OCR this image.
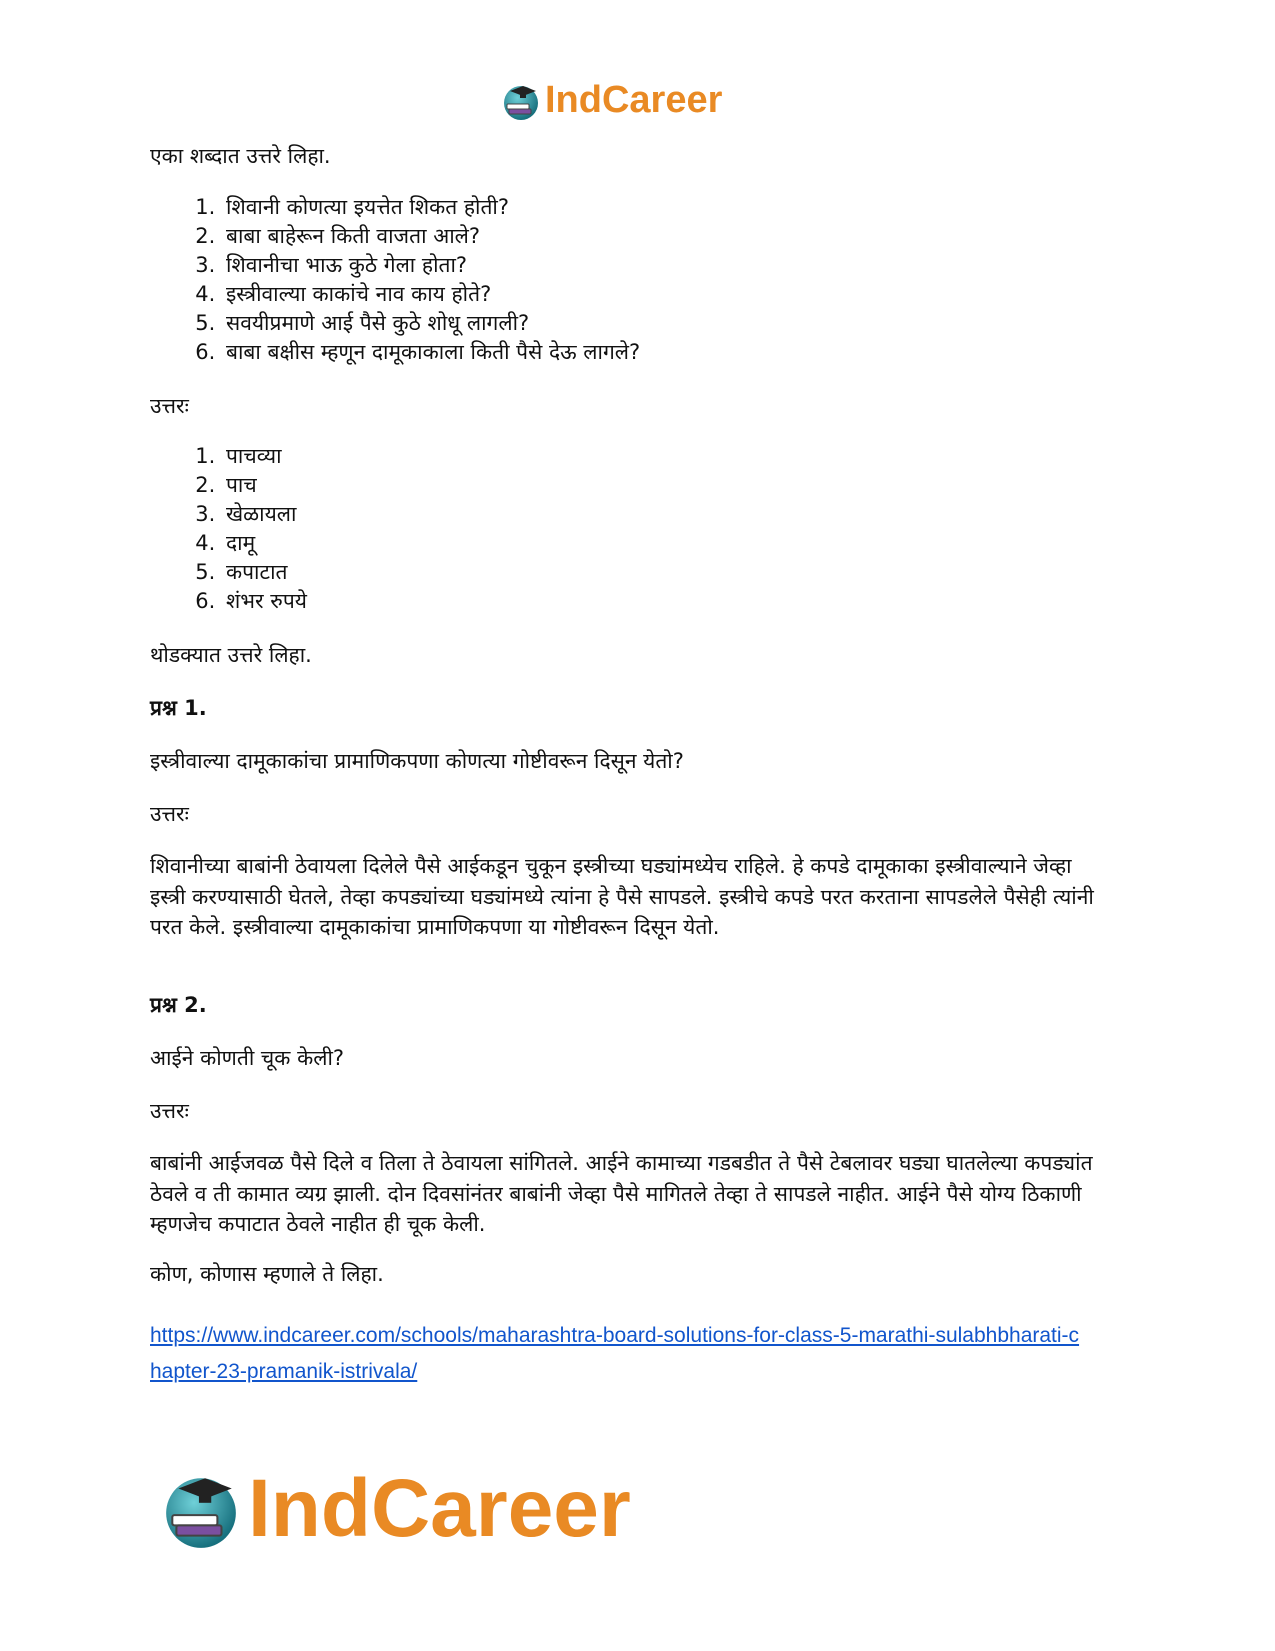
IndCareer

एका शब्दात उत्तरे लिहा.

1. शिवानी कोणत्या इयत्तेत शिकत होती?
2. बाबा बाहेरून किती वाजता आले?
3. शिवानीचा भाऊ कुठे गेला होता?
4. इस्त्रीवाल्या काकांचे नाव काय होते?
5. सवयीप्रमाणे आई पैसे कुठे शोधू लागली?
6. बाबा बक्षीस म्हणून दामूकाकाला किती पैसे देऊ लागले?

उत्तरः

1. पाचव्या
2. पाच
3. खेळायला
4. दामू
5. कपाटात
6. शंभर रुपये

थोडक्यात उत्तरे लिहा.

प्रश्न 1.

इस्त्रीवाल्या दामूकाकांचा प्रामाणिकपणा कोणत्या गोष्टीवरून दिसून येतो?

उत्तरः

शिवानीच्या बाबांनी ठेवायला दिलेले पैसे आईकडून चुकून इस्त्रीच्या घड्यांमध्येच राहिले. हे कपडे दामूकाका इस्त्रीवाल्याने जेव्हा इस्त्री करण्यासाठी घेतले, तेव्हा कपड्यांच्या घड्यांमध्ये त्यांना हे पैसे सापडले. इस्त्रीचे कपडे परत करताना सापडलेले पैसेही त्यांनी परत केले. इस्त्रीवाल्या दामूकाकांचा प्रामाणिकपणा या गोष्टीवरून दिसून येतो.

प्रश्न 2.

आईने कोणती चूक केली?

उत्तरः

बाबांनी आईजवळ पैसे दिले व तिला ते ठेवायला सांगितले. आईने कामाच्या गडबडीत ते पैसे टेबलावर घड्या घातलेल्या कपड्यांत ठेवले व ती कामात व्यग्र झाली. दोन दिवसांनंतर बाबांनी जेव्हा पैसे मागितले तेव्हा ते सापडले नाहीत. आईने पैसे योग्य ठिकाणी म्हणजेच कपाटात ठेवले नाहीत ही चूक केली.

कोण, कोणास म्हणाले ते लिहा.

https://www.indcareer.com/schools/maharashtra-board-solutions-for-class-5-marathi-sulabhbharati-chapter-23-pramanik-istrivala/
IndCareer
